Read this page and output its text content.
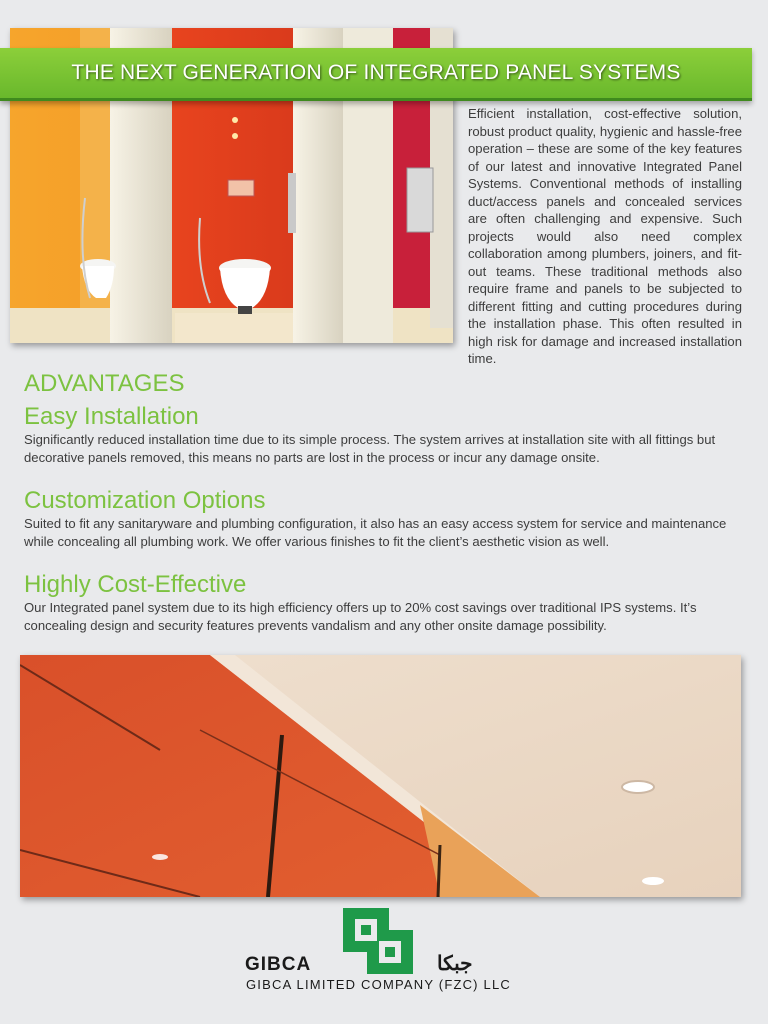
THE NEXT GENERATION OF INTEGRATED PANEL SYSTEMS
Efficient installation, cost-effective solution, robust product quality, hygienic and hassle-free operation – these are some of the key features of our latest and innovative Integrated Panel Systems. Conventional methods of installing duct/access panels and concealed services are often challenging and expensive. Such projects would also need complex collaboration among plumbers, joiners, and fit-out teams. These traditional methods also require frame and panels to be subjected to different fitting and cutting procedures during the installation phase. This often resulted in high risk for damage and increased installation time.
ADVANTAGES
Easy Installation
Significantly reduced installation time due to its simple process. The system arrives at installation site with all fittings but decorative panels removed, this means no parts are lost in the process or incur any damage onsite.
Customization Options
Suited to fit any sanitaryware and plumbing configuration, it also has an easy access system for service and maintenance while concealing all plumbing work. We offer various finishes to fit the client’s aesthetic vision as well.
Highly Cost-Effective
Our Integrated panel system due to its high efficiency offers up to 20% cost savings over traditional IPS systems. It’s concealing design and security features prevents vandalism and any other onsite damage possibility.
GIBCA	جبكا
GIBCA LIMITED COMPANY (FZC) LLC
